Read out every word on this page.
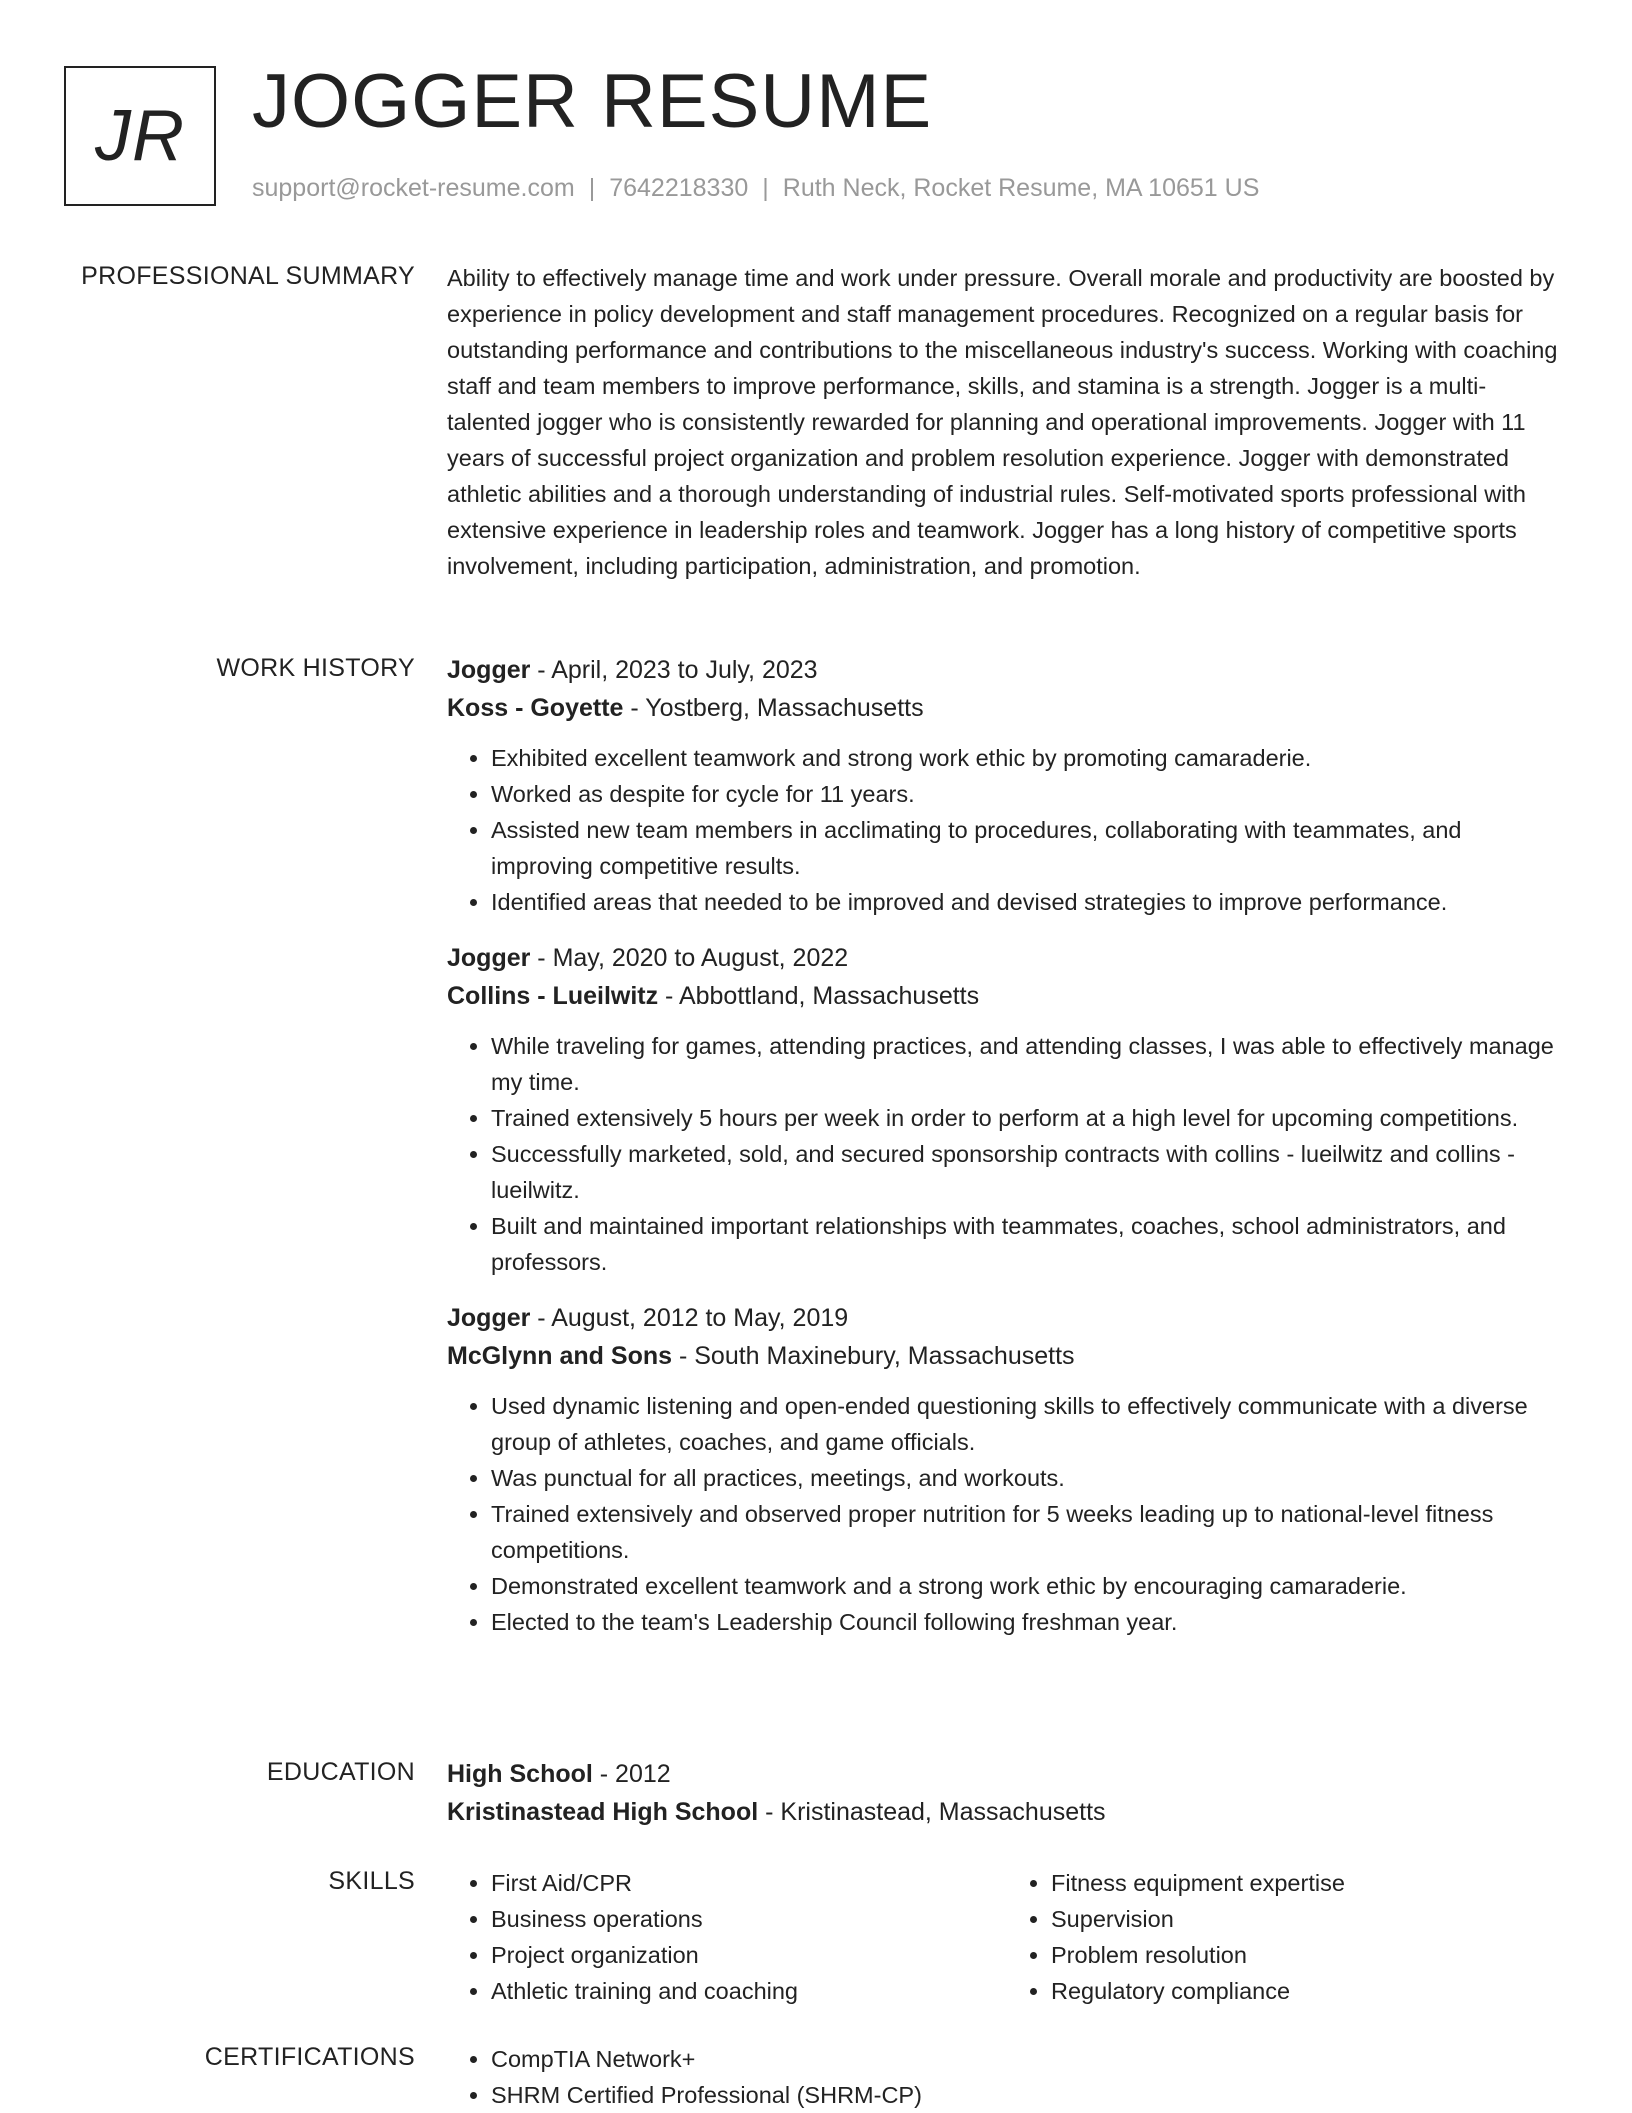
JR JOGGER RESUME
support@rocket-resume.com | 7642218330 | Ruth Neck, Rocket Resume, MA 10651 US
PROFESSIONAL SUMMARY Ability to effectively manage time and work under pressure. Overall morale and productivity are boosted by experience in policy development and staff management procedures. Recognized on a regular basis for outstanding performance and contributions to the miscellaneous industry's success. Working with coaching staff and team members to improve performance, skills, and stamina is a strength. Jogger is a multi-talented jogger who is consistently rewarded for planning and operational improvements. Jogger with 11 years of successful project organization and problem resolution experience. Jogger with demonstrated athletic abilities and a thorough understanding of industrial rules. Self-motivated sports professional with extensive experience in leadership roles and teamwork. Jogger has a long history of competitive sports involvement, including participation, administration, and promotion.

WORK HISTORY Jogger - April, 2023 to July, 2023

Koss - Goyette - Yostberg, Massachusetts

• Exhibited excellent teamwork and strong work ethic by promoting camaraderie.
• Worked as despite for cycle for 11 years.
• Assisted new team members in acclimating to procedures, collaborating with teammates, and improving competitive results.
• Identified areas that needed to be improved and devised strategies to improve performance.

Jogger - May, 2020 to August, 2022

Collins - Lueilwitz - Abbottland, Massachusetts

• While traveling for games, attending practices, and attending classes, I was able to effectively manage my time.
• Trained extensively 5 hours per week in order to perform at a high level for upcoming competitions.
• Successfully marketed, sold, and secured sponsorship contracts with collins - lueilwitz and collins - lueilwitz.
• Built and maintained important relationships with teammates, coaches, school administrators, and professors.

Jogger - August, 2012 to May, 2019

McGlynn and Sons - South Maxinebury, Massachusetts

• Used dynamic listening and open-ended questioning skills to effectively communicate with a diverse group of athletes, coaches, and game officials.
• Was punctual for all practices, meetings, and workouts.
• Trained extensively and observed proper nutrition for 5 weeks leading up to national-level fitness competitions.
• Demonstrated excellent teamwork and a strong work ethic by encouraging camaraderie.
• Elected to the team's Leadership Council following freshman year.
EDUCATION High School - 2012

Kristinastead High School - Kristinastead, Massachusetts

SKILLS	• First Aid/CPR
• Business operations
• Project organization
• Athletic training and coaching
• Fitness equipment expertise
• Supervision
• Problem resolution
• Regulatory compliance
CERTIFICATIONS	• CompTIA Network+
• SHRM Certified Professional (SHRM-CP)
